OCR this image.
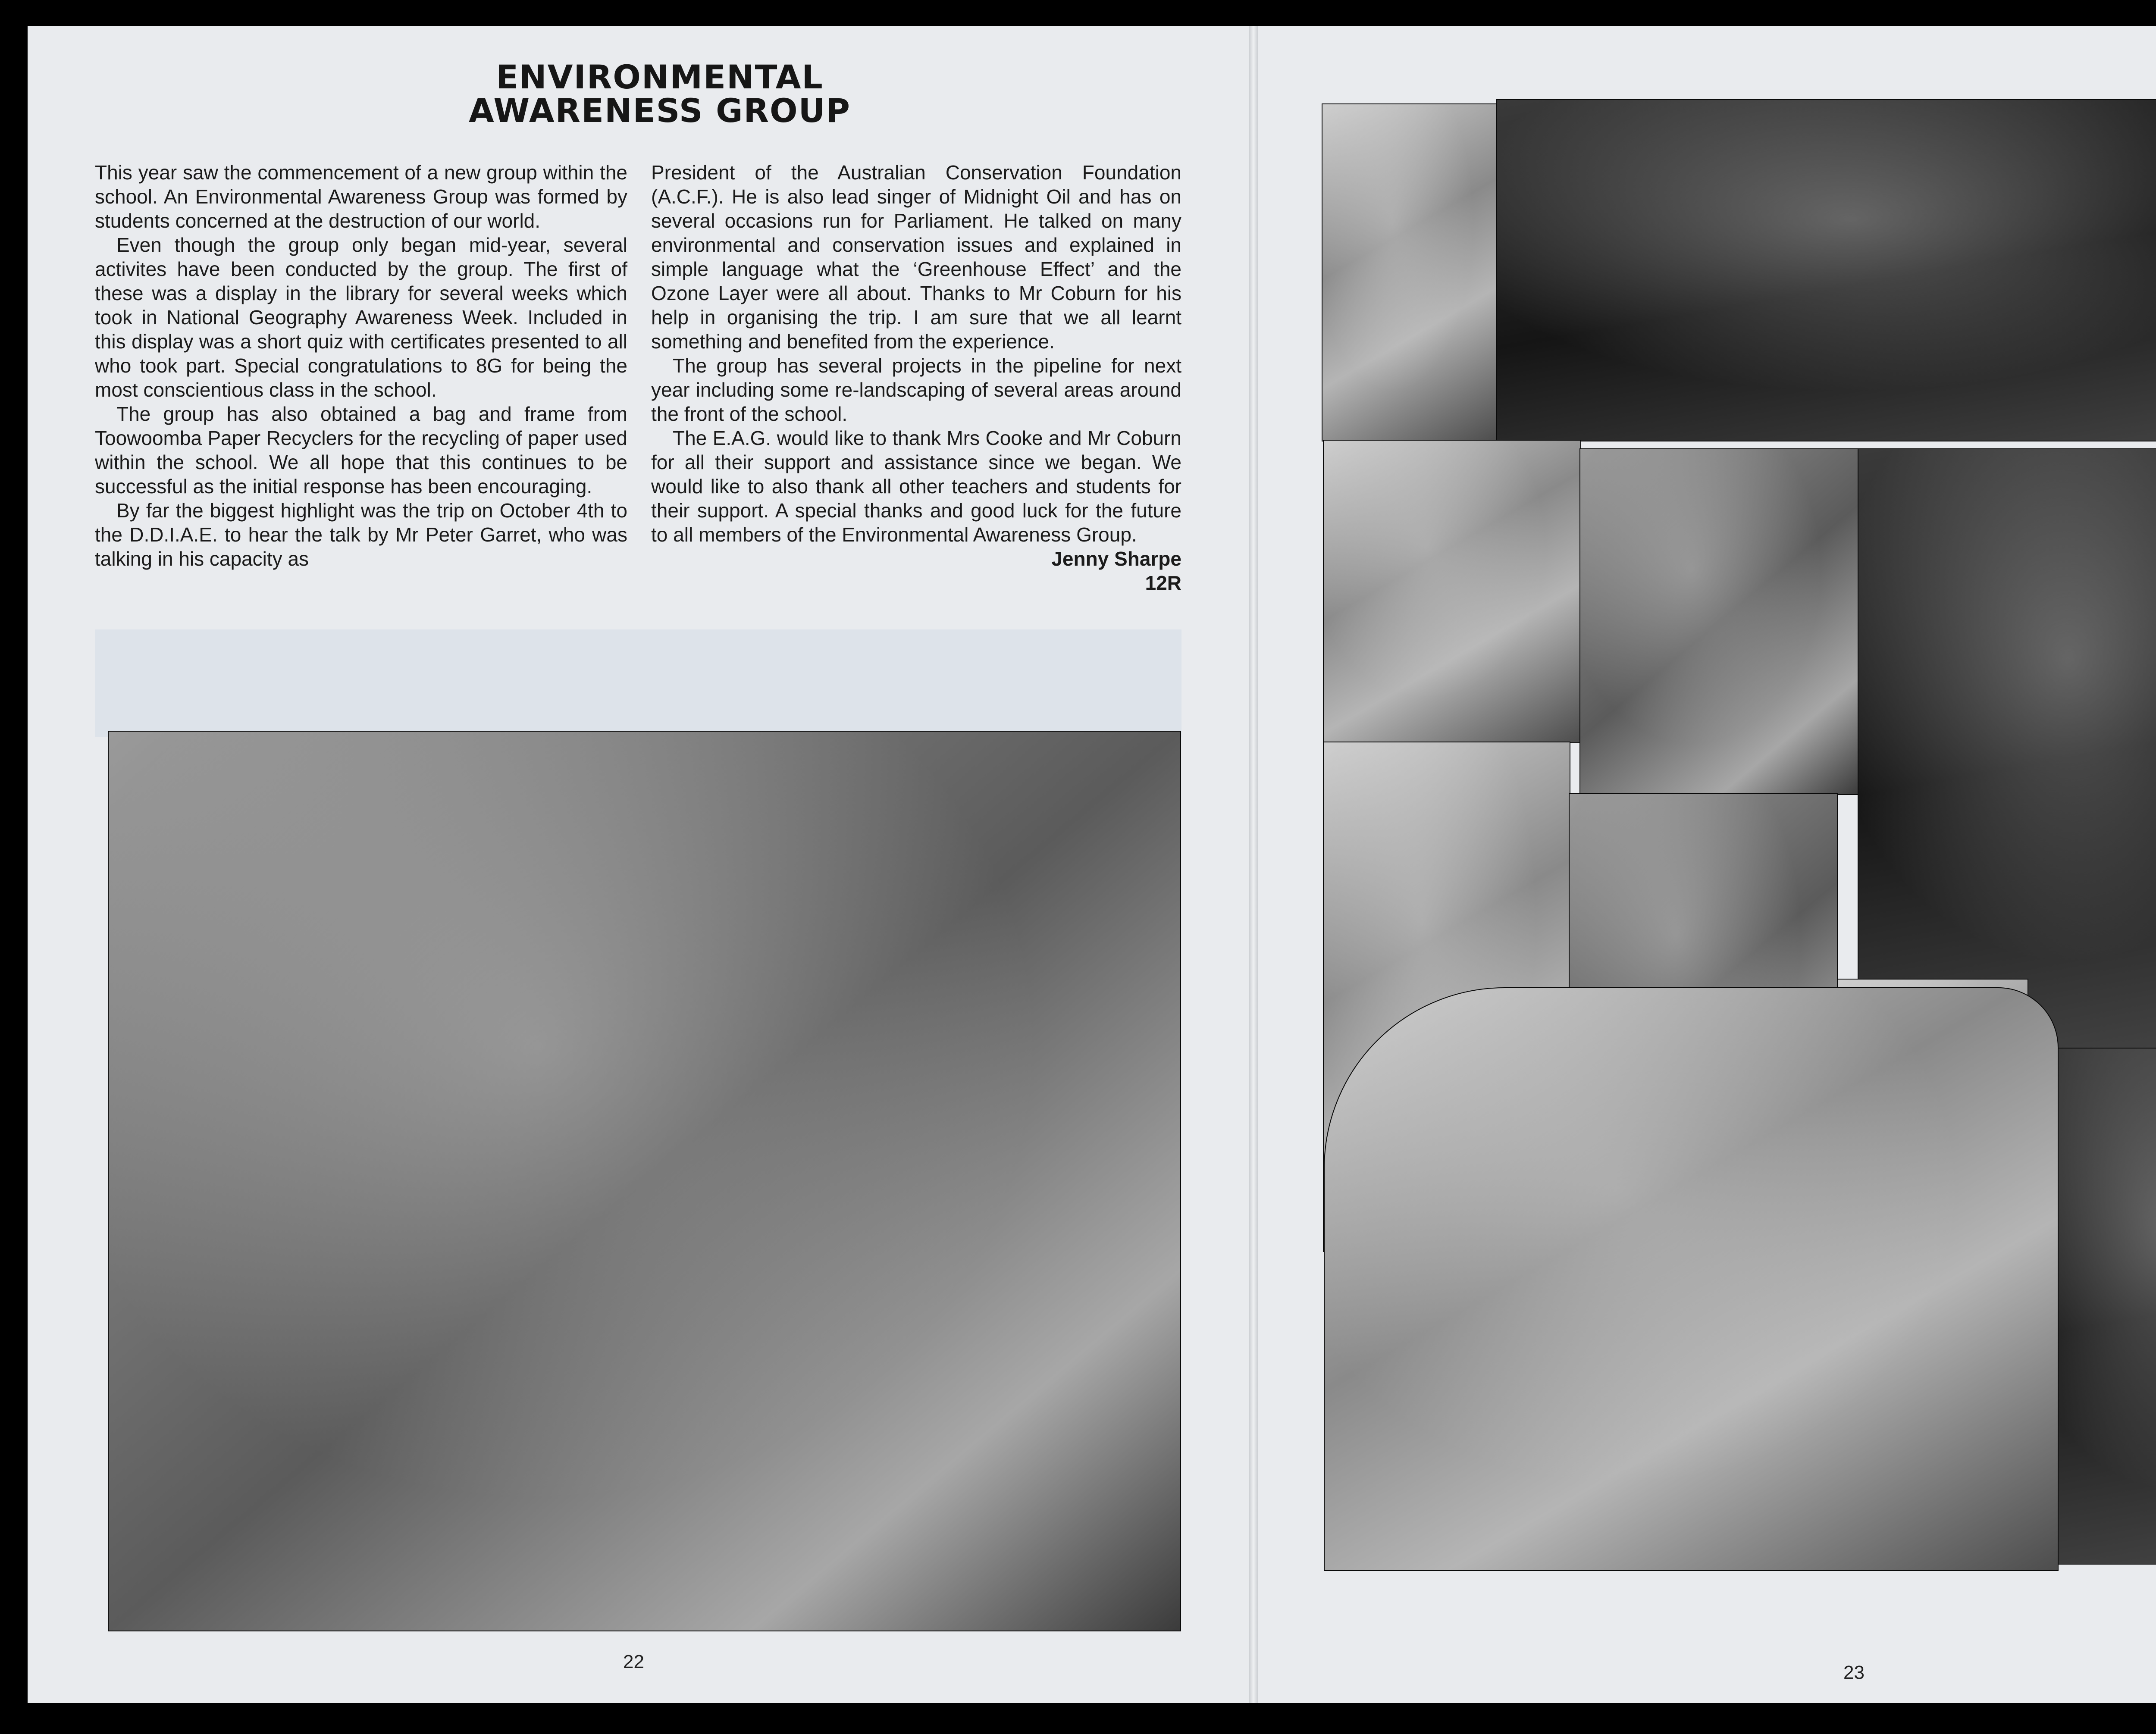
ENVIRONMENTAL
AWARENESS GROUP

This year saw the commencement of a new group within the school. An Environmental Awareness Group was formed by students concerned at the destruction of our world.

Even though the group only began mid-year, several activites have been conducted by the group. The first of these was a display in the library for several weeks which took in National Geography Awareness Week. Included in this display was a short quiz with certificates presented to all who took part. Special congratulations to 8G for being the most conscientious class in the school.

The group has also obtained a bag and frame from Toowoomba Paper Recyclers for the recycling of paper used within the school. We all hope that this continues to be successful as the initial response has been encouraging.

By far the biggest highlight was the trip on October 4th to the D.D.I.A.E. to hear the talk by Mr Peter Garret, who was talking in his capacity as

President of the Australian Conservation Foundation (A.C.F.). He is also lead singer of Midnight Oil and has on several occasions run for Parliament. He talked on many environmental and conservation issues and explained in simple language what the ‘Greenhouse Effect’ and the Ozone Layer were all about. Thanks to Mr Coburn for his help in organising the trip. I am sure that we all learnt something and benefited from the experience.

The group has several projects in the pipeline for next year including some re-landscaping of several areas around the front of the school.

The E.A.G. would like to thank Mrs Cooke and Mr Coburn for all their support and assistance since we began. We would like to also thank all other teachers and students for their support. A special thanks and good luck for the future to all members of the Environmental Awareness Group.

Jenny Sharpe
12R
22
23
